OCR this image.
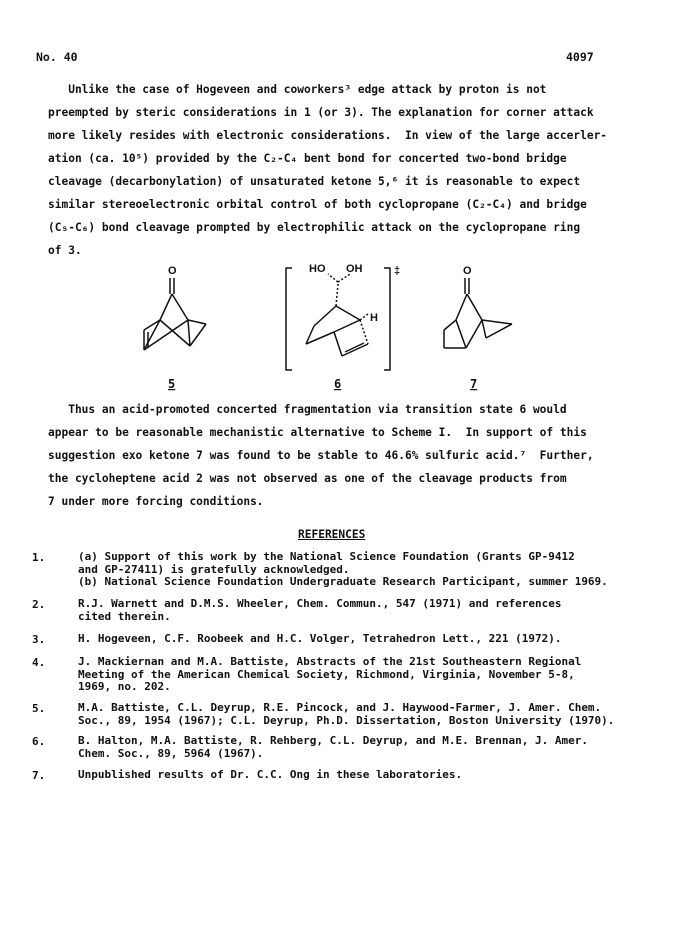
No. 40	4097
Unlike the case of Hogeveen and coworkers³ edge attack by proton is not
preempted by steric considerations in 1 (or 3). The explanation for corner attack
more likely resides with electronic considerations.  In view of the large accerler-
ation (ca. 10⁵) provided by the C₂-C₄ bent bond for concerted two-bond bridge
cleavage (decarbonylation) of unsaturated ketone 5,⁶ it is reasonable to expect
similar stereoelectronic orbital control of both cyclopropane (C₂-C₄) and bridge
(C₅-C₆) bond cleavage prompted by electrophilic attack on the cyclopropane ring
of 3.
O	HO OH
H
‡	O
5	6	7
Thus an acid-promoted concerted fragmentation via transition state 6 would
appear to be reasonable mechanistic alternative to Scheme I.  In support of this
suggestion exo ketone 7 was found to be stable to 46.6% sulfuric acid.⁷  Further,
the cycloheptene acid 2 was not observed as one of the cleavage products from
7 under more forcing conditions.
REFERENCES
1.	(a) Support of this work by the National Science Foundation (Grants GP-9412
and GP-27411) is gratefully acknowledged.
(b) National Science Foundation Undergraduate Research Participant, summer 1969.
2.	R.J. Warnett and D.M.S. Wheeler, Chem. Commun., 547 (1971) and references
cited therein.
3.	H. Hogeveen, C.F. Roobeek and H.C. Volger, Tetrahedron Lett., 221 (1972).
4.	J. Mackiernan and M.A. Battiste, Abstracts of the 21st Southeastern Regional
Meeting of the American Chemical Society, Richmond, Virginia, November 5-8,
1969, no. 202.
5.	M.A. Battiste, C.L. Deyrup, R.E. Pincock, and J. Haywood-Farmer, J. Amer. Chem.
Soc., 89, 1954 (1967); C.L. Deyrup, Ph.D. Dissertation, Boston University (1970).
6.	B. Halton, M.A. Battiste, R. Rehberg, C.L. Deyrup, and M.E. Brennan, J. Amer.
Chem. Soc., 89, 5964 (1967).
7.	Unpublished results of Dr. C.C. Ong in these laboratories.
